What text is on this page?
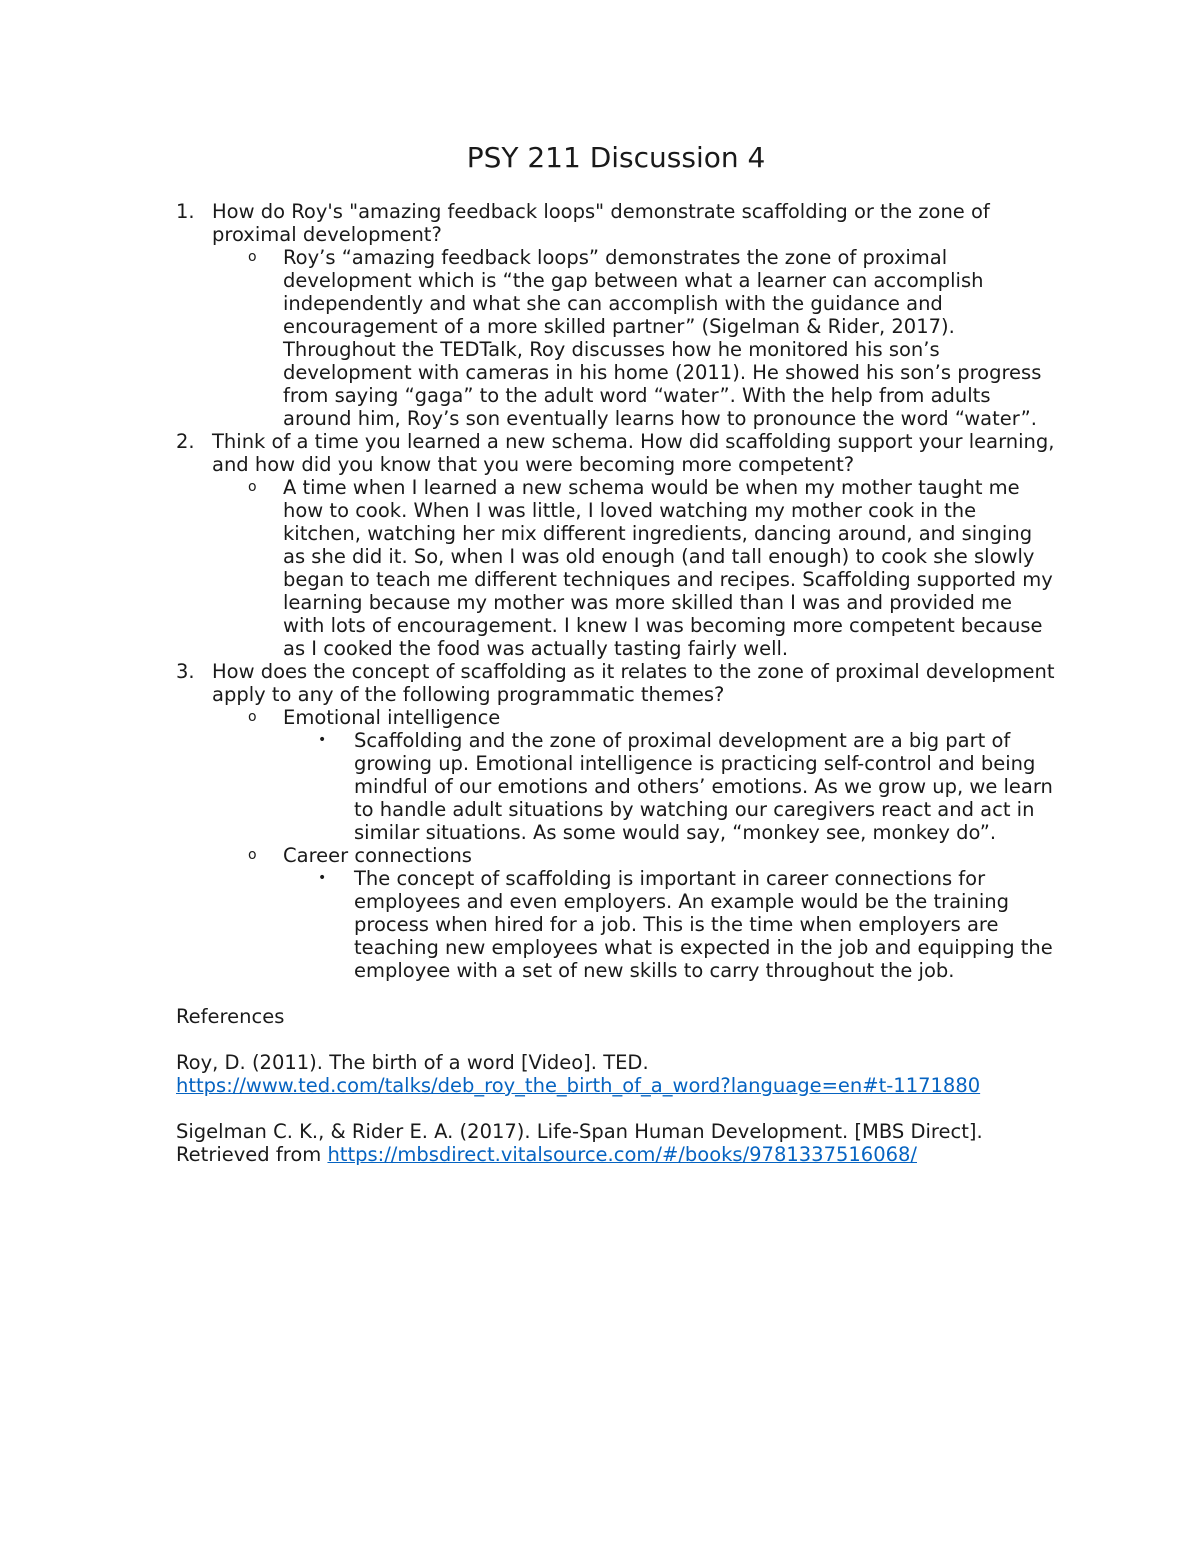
PSY 211 Discussion 4
1. How do Roy's "amazing feedback loops" demonstrate scaffolding or the zone of proximal development?
o Roy’s “amazing feedback loops” demonstrates the zone of proximal development which is “the gap between what a learner can accomplish independently and what she can accomplish with the guidance and encouragement of a more skilled partner” (Sigelman & Rider, 2017). Throughout the TEDTalk, Roy discusses how he monitored his son’s development with cameras in his home (2011). He showed his son’s progress from saying “gaga” to the adult word “water”. With the help from adults around him, Roy’s son eventually learns how to pronounce the word “water”.
2. Think of a time you learned a new schema. How did scaffolding support your learning, and how did you know that you were becoming more competent?
o A time when I learned a new schema would be when my mother taught me how to cook. When I was little, I loved watching my mother cook in the kitchen, watching her mix different ingredients, dancing around, and singing as she did it. So, when I was old enough (and tall enough) to cook she slowly began to teach me different techniques and recipes. Scaffolding supported my learning because my mother was more skilled than I was and provided me with lots of encouragement. I knew I was becoming more competent because as I cooked the food was actually tasting fairly well.
3. How does the concept of scaffolding as it relates to the zone of proximal development apply to any of the following programmatic themes?
o Emotional intelligence
• Scaffolding and the zone of proximal development are a big part of growing up. Emotional intelligence is practicing self-control and being mindful of our emotions and others’ emotions. As we grow up, we learn to handle adult situations by watching our caregivers react and act in similar situations. As some would say, “monkey see, monkey do”.
o Career connections
• The concept of scaffolding is important in career connections for employees and even employers. An example would be the training process when hired for a job. This is the time when employers are teaching new employees what is expected in the job and equipping the employee with a set of new skills to carry throughout the job.
References
Roy, D. (2011). The birth of a word [Video]. TED.
https://www.ted.com/talks/deb_roy_the_birth_of_a_word?language=en#t-1171880
Sigelman C. K., & Rider E. A. (2017). Life-Span Human Development. [MBS Direct].
Retrieved from https://mbsdirect.vitalsource.com/#/books/9781337516068/
